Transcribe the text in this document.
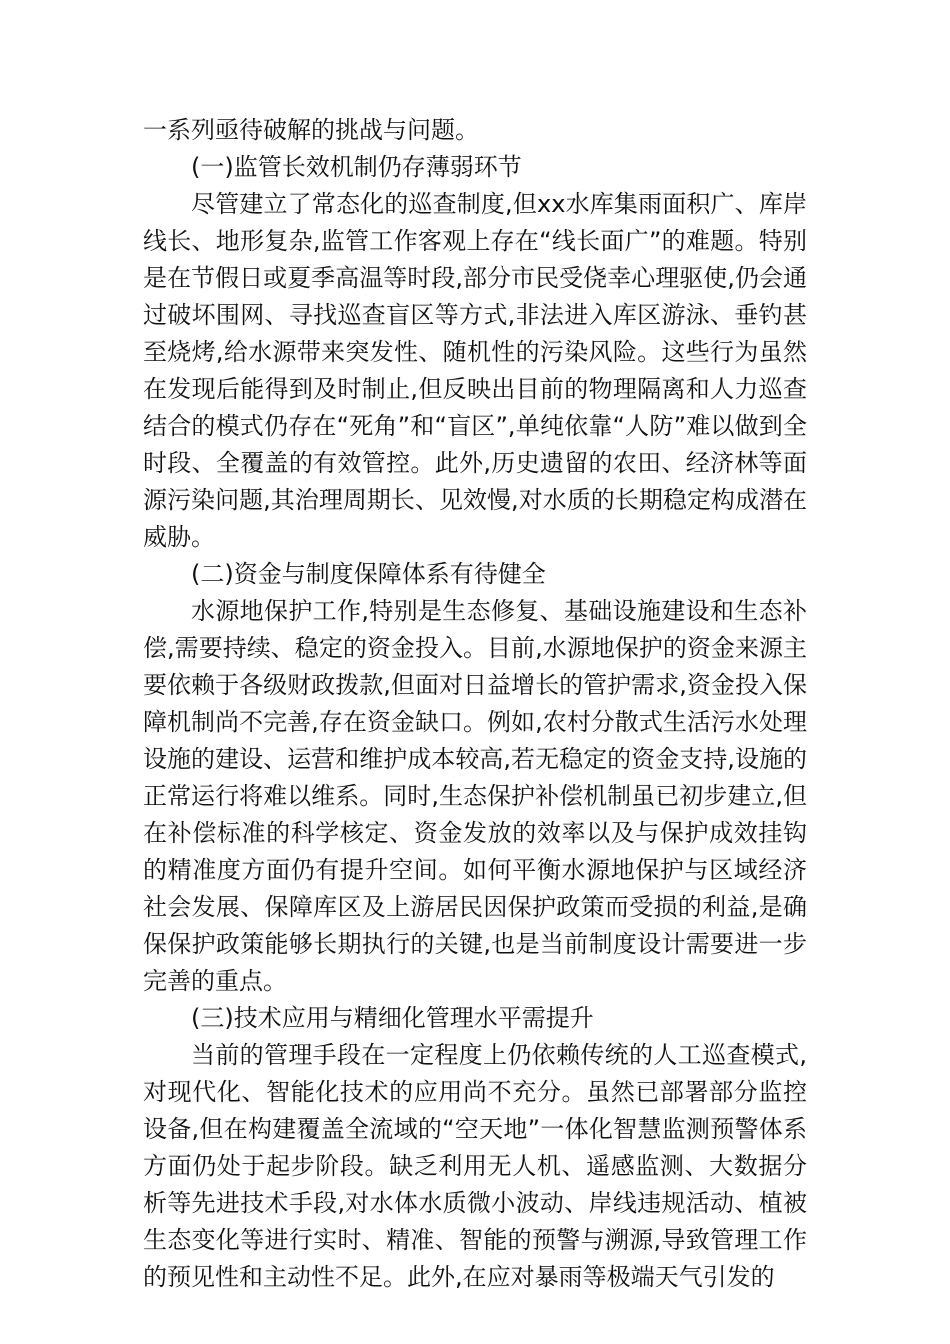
一系列亟待破解的挑战与问题。

(一)监管长效机制仍存薄弱环节

尽管建立了常态化的巡查制度,但xx水库集雨面积广、库岸线长、地形复杂,监管工作客观上存在“线长面广”的难题。特别是在节假日或夏季高温等时段,部分市民受侥幸心理驱使,仍会通过破坏围网、寻找巡查盲区等方式,非法进入库区游泳、垂钓甚至烧烤,给水源带来突发性、随机性的污染风险。这些行为虽然在发现后能得到及时制止,但反映出目前的物理隔离和人力巡查结合的模式仍存在“死角”和“盲区”,单纯依靠“人防”难以做到全时段、全覆盖的有效管控。此外,历史遗留的农田、经济林等面源污染问题,其治理周期长、见效慢,对水质的长期稳定构成潜在威胁。

(二)资金与制度保障体系有待健全

水源地保护工作,特别是生态修复、基础设施建设和生态补偿,需要持续、稳定的资金投入。目前,水源地保护的资金来源主要依赖于各级财政拨款,但面对日益增长的管护需求,资金投入保障机制尚不完善,存在资金缺口。例如,农村分散式生活污水处理设施的建设、运营和维护成本较高,若无稳定的资金支持,设施的正常运行将难以维系。同时,生态保护补偿机制虽已初步建立,但在补偿标准的科学核定、资金发放的效率以及与保护成效挂钩的精准度方面仍有提升空间。如何平衡水源地保护与区域经济社会发展、保障库区及上游居民因保护政策而受损的利益,是确保保护政策能够长期执行的关键,也是当前制度设计需要进一步完善的重点。

(三)技术应用与精细化管理水平需提升

当前的管理手段在一定程度上仍依赖传统的人工巡查模式,对现代化、智能化技术的应用尚不充分。虽然已部署部分监控设备,但在构建覆盖全流域的“空天地”一体化智慧监测预警体系方面仍处于起步阶段。缺乏利用无人机、遥感监测、大数据分析等先进技术手段,对水体水质微小波动、岸线违规活动、植被生态变化等进行实时、精准、智能的预警与溯源,导致管理工作的预见性和主动性不足。此外,在应对暴雨等极端天气引发的
